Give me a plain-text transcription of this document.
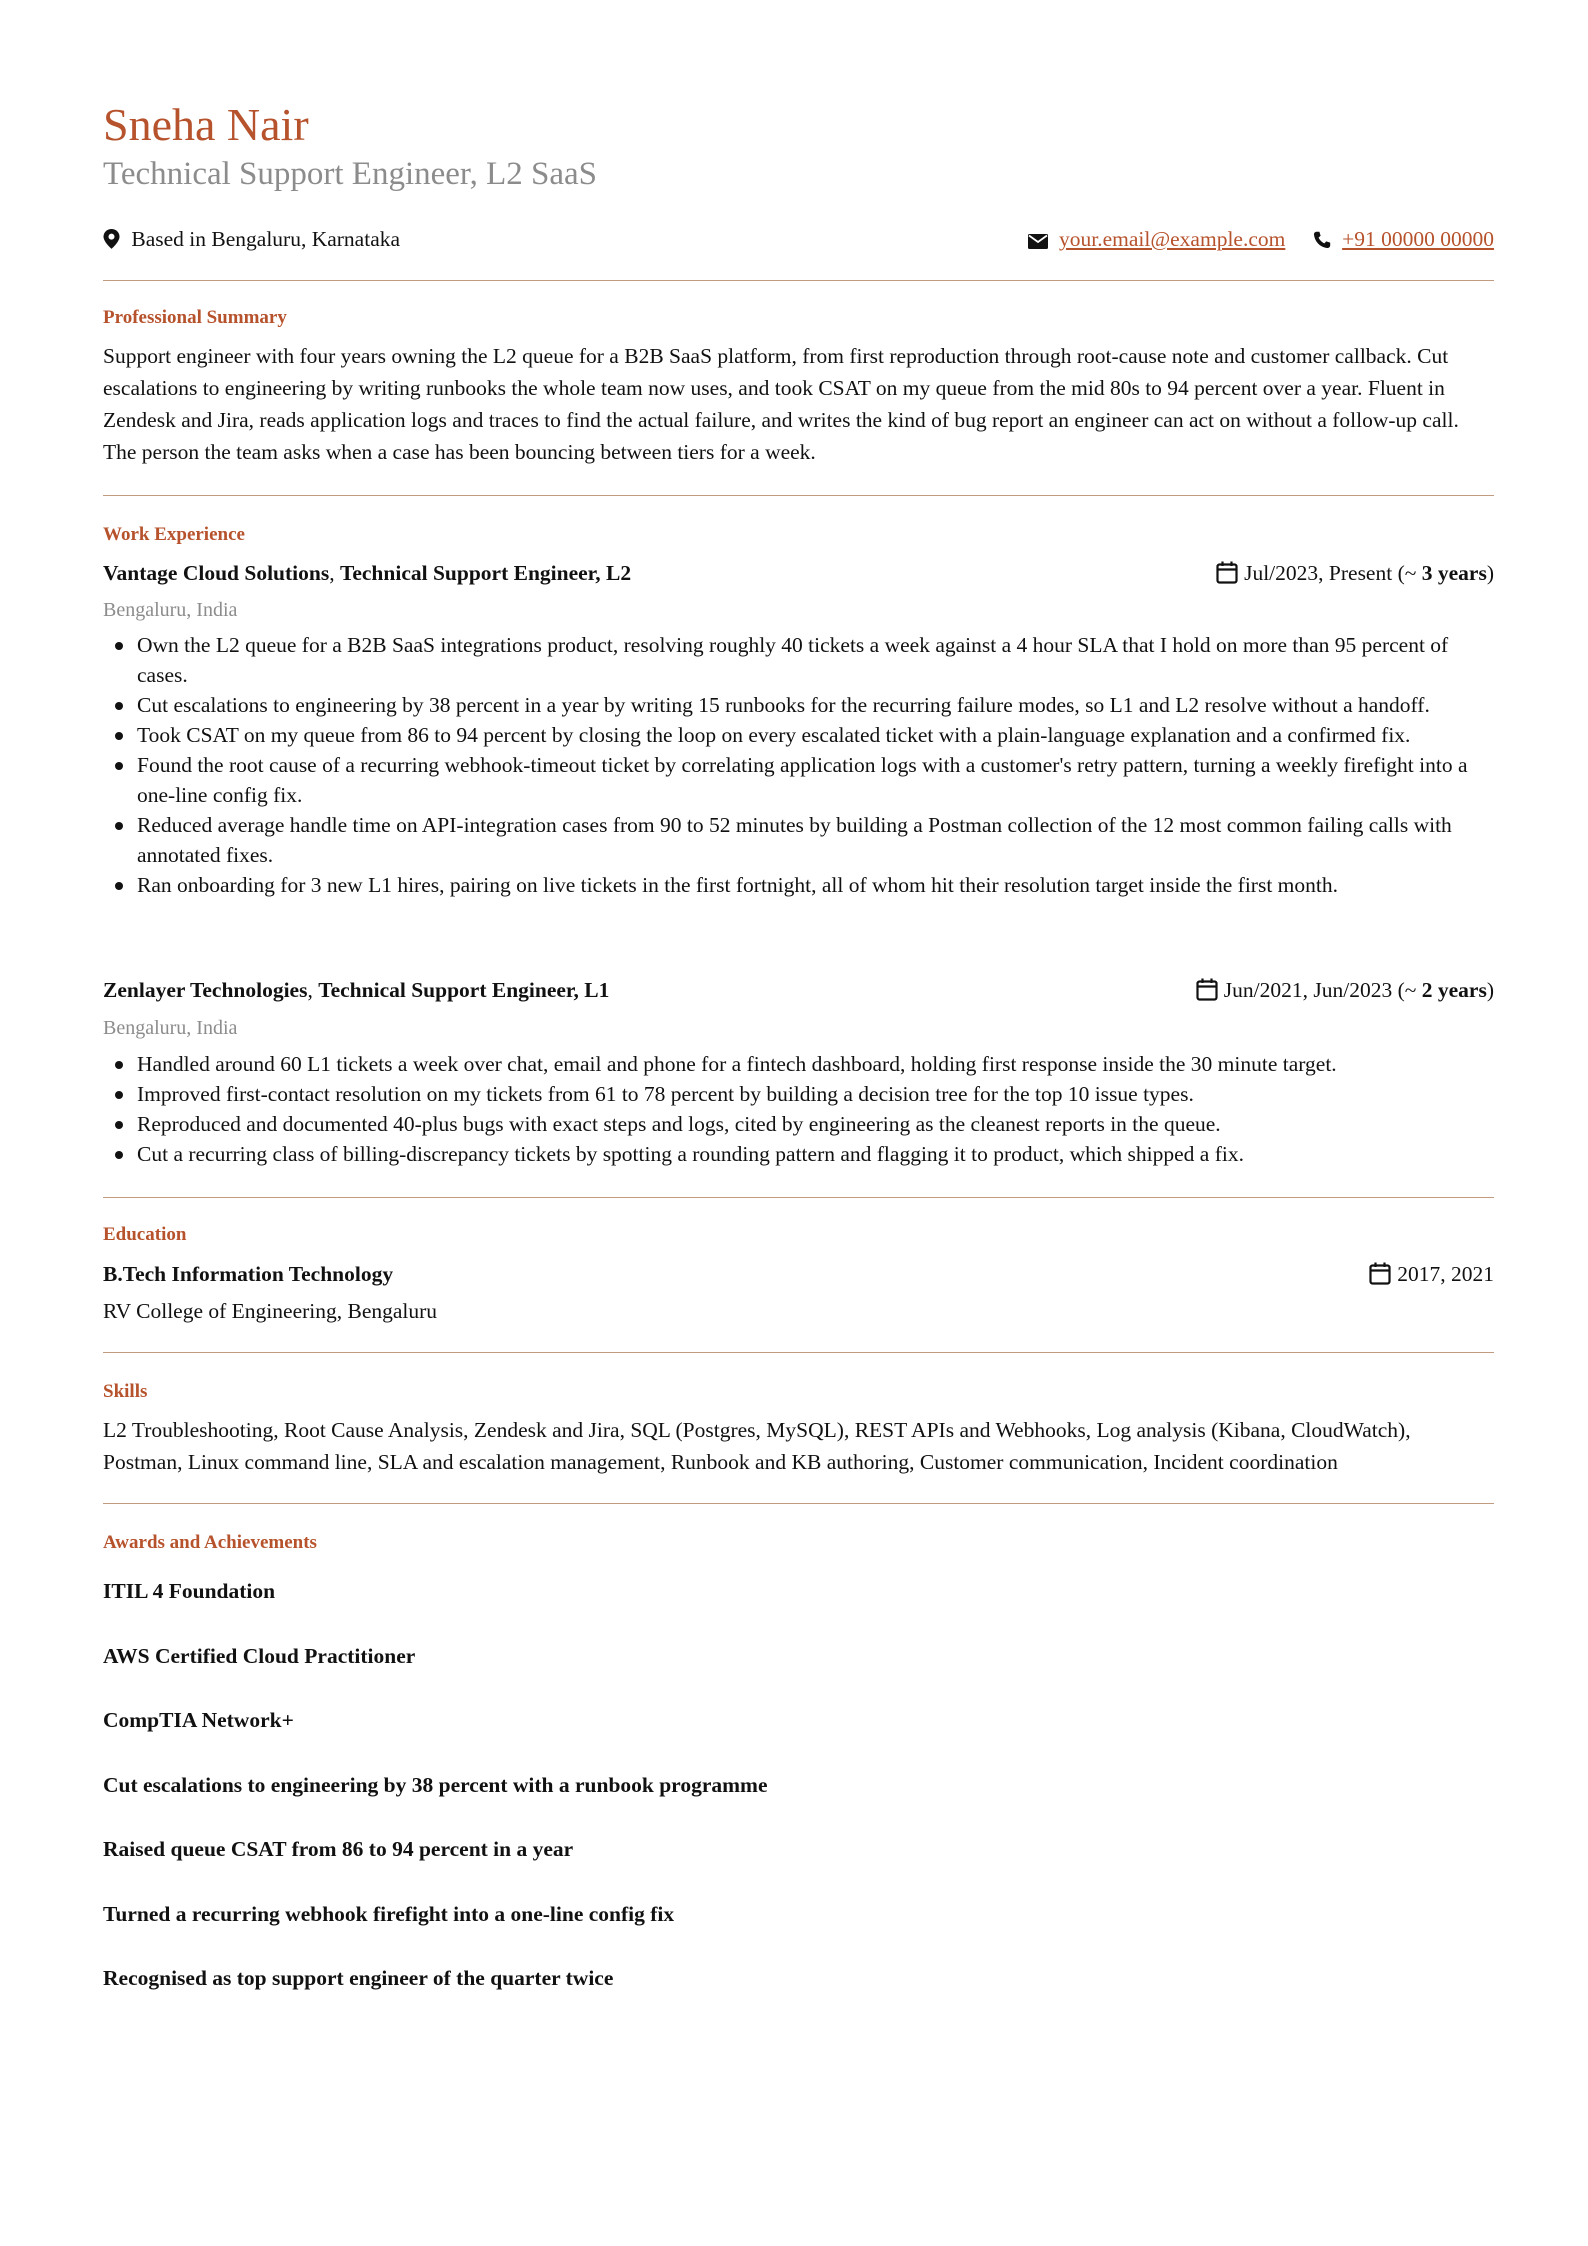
Sneha Nair
Technical Support Engineer, L2 SaaS
Based in Bengaluru, Karnataka	your.email@example.com	+91 00000 00000
Professional Summary

Support engineer with four years owning the L2 queue for a B2B SaaS platform, from first reproduction through root-cause note and customer callback. Cut escalations to engineering by writing runbooks the whole team now uses, and took CSAT on my queue from the mid 80s to 94 percent over a year. Fluent in Zendesk and Jira, reads application logs and traces to find the actual failure, and writes the kind of bug report an engineer can act on without a follow-up call. The person the team asks when a case has been bouncing between tiers for a week.

Work Experience
Vantage Cloud Solutions, Technical Support Engineer, L2	Jul/2023, Present (~ 3 years)
Bengaluru, India
Own the L2 queue for a B2B SaaS integrations product, resolving roughly 40 tickets a week against a 4 hour SLA that I hold on more than 95 percent of cases.
Cut escalations to engineering by 38 percent in a year by writing 15 runbooks for the recurring failure modes, so L1 and L2 resolve without a handoff.
Took CSAT on my queue from 86 to 94 percent by closing the loop on every escalated ticket with a plain-language explanation and a confirmed fix.
Found the root cause of a recurring webhook-timeout ticket by correlating application logs with a customer's retry pattern, turning a weekly firefight into a one-line config fix.
Reduced average handle time on API-integration cases from 90 to 52 minutes by building a Postman collection of the 12 most common failing calls with annotated fixes.
Ran onboarding for 3 new L1 hires, pairing on live tickets in the first fortnight, all of whom hit their resolution target inside the first month.
Zenlayer Technologies, Technical Support Engineer, L1	Jun/2021, Jun/2023 (~ 2 years)
Bengaluru, India
Handled around 60 L1 tickets a week over chat, email and phone for a fintech dashboard, holding first response inside the 30 minute target.
Improved first-contact resolution on my tickets from 61 to 78 percent by building a decision tree for the top 10 issue types.
Reproduced and documented 40-plus bugs with exact steps and logs, cited by engineering as the cleanest reports in the queue.
Cut a recurring class of billing-discrepancy tickets by spotting a rounding pattern and flagging it to product, which shipped a fix.
Education
B.Tech Information Technology	2017, 2021
RV College of Engineering, Bengaluru
Skills

L2 Troubleshooting, Root Cause Analysis, Zendesk and Jira, SQL (Postgres, MySQL), REST APIs and Webhooks, Log analysis (Kibana, CloudWatch), Postman, Linux command line, SLA and escalation management, Runbook and KB authoring, Customer communication, Incident coordination

Awards and Achievements
ITIL 4 Foundation
AWS Certified Cloud Practitioner
CompTIA Network+
Cut escalations to engineering by 38 percent with a runbook programme
Raised queue CSAT from 86 to 94 percent in a year
Turned a recurring webhook firefight into a one-line config fix
Recognised as top support engineer of the quarter twice
